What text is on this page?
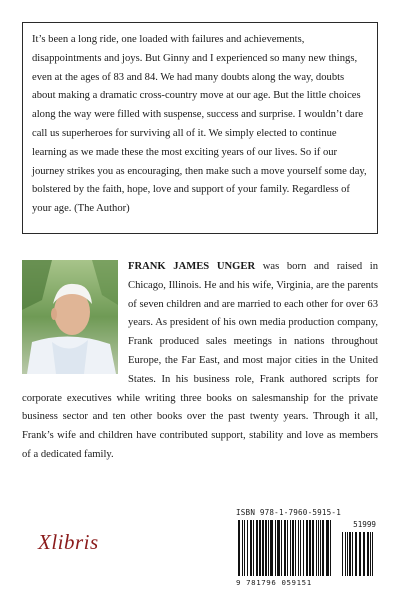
It’s been a long ride, one loaded with failures and achievements, disappointments and joys. But Ginny and I experienced so many new things, even at the ages of 83 and 84. We had many doubts along the way, doubts about making a dramatic cross-country move at our age. But the little choices along the way were filled with suspense, success and surprise. I wouldn’t dare call us superheroes for surviving all of it. We simply elected to continue learning as we made these the most exciting years of our lives. So if our journey strikes you as encouraging, then make such a move yourself some day, bolstered by the faith, hope, love and support of your family. Regardless of your age. (The Author)

FRANK JAMES UNGER was born and raised in Chicago, Illinois. He and his wife, Virginia, are the parents of seven children and are married to each other for over 63 years. As president of his own media production company, Frank produced sales meetings in nations throughout Europe, the Far East, and most major cities in the United States. In his business role, Frank authored scripts for corporate executives while writing three books on salesmanship for the private business sector and ten other books over the past twenty years. Through it all, Frank’s wife and children have contributed support, stability and love as members of a dedicated family.
Xlibris
ISBN 978-1-7960-5915-1
51999
9 781796 059151
